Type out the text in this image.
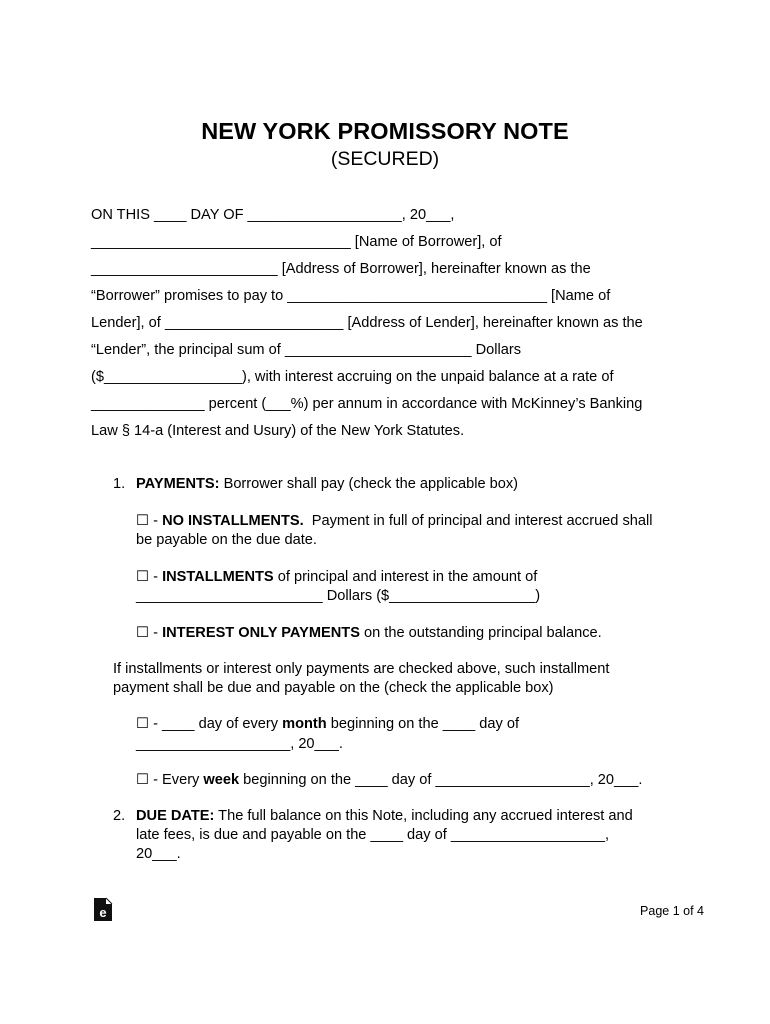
NEW YORK PROMISSORY NOTE
(SECURED)
ON THIS ____ DAY OF ___________________, 20___,
________________________________ [Name of Borrower], of
_______________________ [Address of Borrower], hereinafter known as the
“Borrower” promises to pay to ________________________________ [Name of
Lender], of ______________________ [Address of Lender], hereinafter known as the
“Lender”, the principal sum of _______________________ Dollars
($_________________), with interest accruing on the unpaid balance at a rate of
______________ percent (___%) per annum in accordance with McKinney’s Banking
Law § 14-a (Interest and Usury) of the New York Statutes.
1. PAYMENTS: Borrower shall pay (check the applicable box)
☐ - NO INSTALLMENTS.  Payment in full of principal and interest accrued shall
be payable on the due date.
☐ - INSTALLMENTS of principal and interest in the amount of
_______________________ Dollars ($__________________)
☐ - INTEREST ONLY PAYMENTS on the outstanding principal balance.
If installments or interest only payments are checked above, such installment
payment shall be due and payable on the (check the applicable box)
☐ - ____ day of every month beginning on the ____ day of
___________________, 20___.
☐ - Every week beginning on the ____ day of ___________________, 20___.
2. DUE DATE: The full balance on this Note, including any accrued interest and
late fees, is due and payable on the ____ day of ___________________,
20___.
e	Page 1 of 4
